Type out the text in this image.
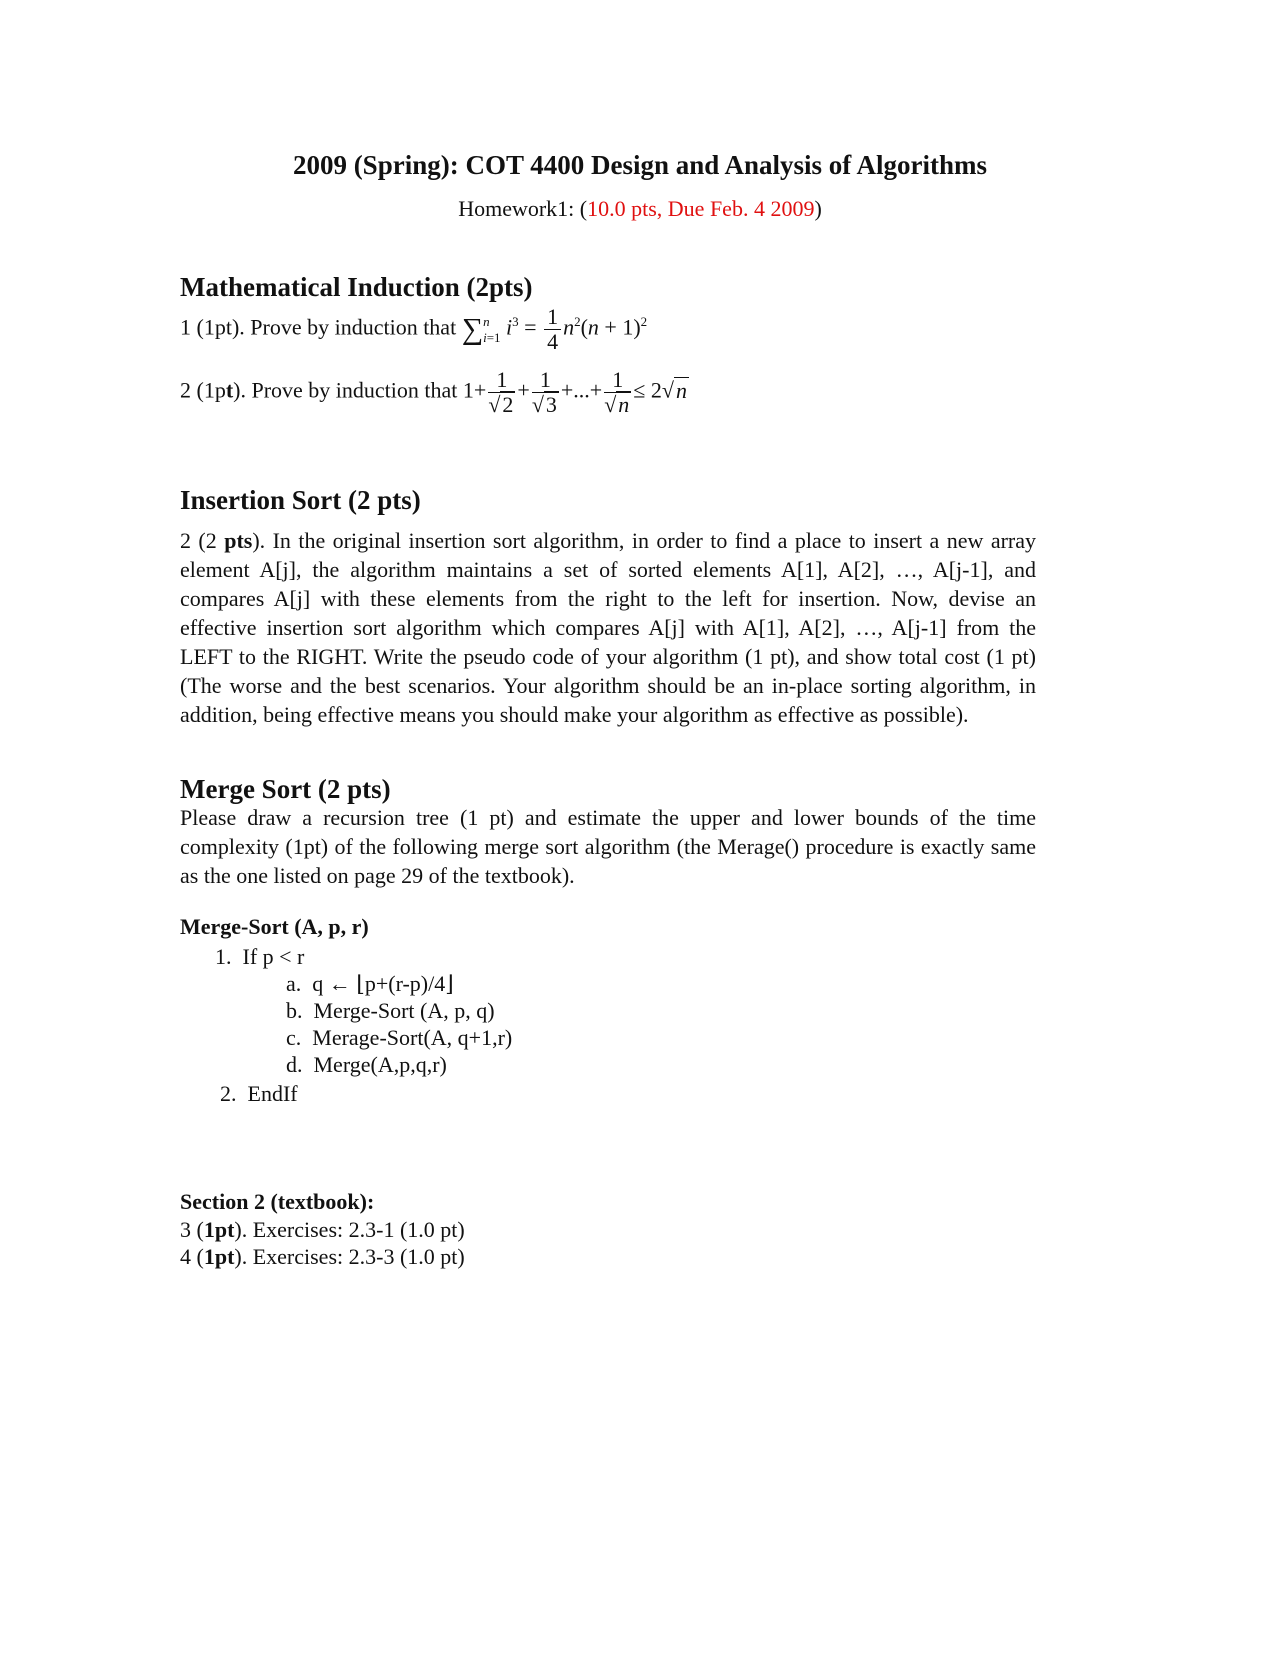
2009 (Spring): COT 4400 Design and Analysis of Algorithms
Homework1: (10.0 pts, Due Feb. 4 2009)
Mathematical Induction (2pts)
1 (1pt). Prove by induction that ∑ n
i=1 $i^3 = \frac{1}{4} n^2(n + 1)^2$
2 (1pt). Prove by induction that $1+ \frac{1}{√2} + \frac{1}{√3}$ +...+ $\frac{1}{√n} \le 2√n$
Insertion Sort (2 pts)
2 (2 pts). In the original insertion sort algorithm, in order to find a place to insert a new array element A[j], the algorithm maintains a set of sorted elements A[1], A[2], …, A[j-1], and compares A[j] with these elements from the right to the left for insertion. Now, devise an effective insertion sort algorithm which compares A[j] with A[1], A[2], …, A[j-1] from the LEFT to the RIGHT. Write the pseudo code of your algorithm (1 pt), and show total cost (1 pt) (The worse and the best scenarios. Your algorithm should be an in-place sorting algorithm, in addition, being effective means you should make your algorithm as effective as possible).
Merge Sort (2 pts)
Please draw a recursion tree (1 pt) and estimate the upper and lower bounds of the time complexity (1pt) of the following merge sort algorithm (the Merage() procedure is exactly same as the one listed on page 29 of the textbook).
Merge-Sort (A, p, r)
1. If p < r
a. q ← ⌊p+(r-p)/4⌋
b. Merge-Sort (A, p, q)
c. Merage-Sort(A, q+1,r)
d. Merge(A,p,q,r)
2. EndIf
Section 2 (textbook):
3 (1pt). Exercises: 2.3-1 (1.0 pt)
4 (1pt). Exercises: 2.3-3 (1.0 pt)
